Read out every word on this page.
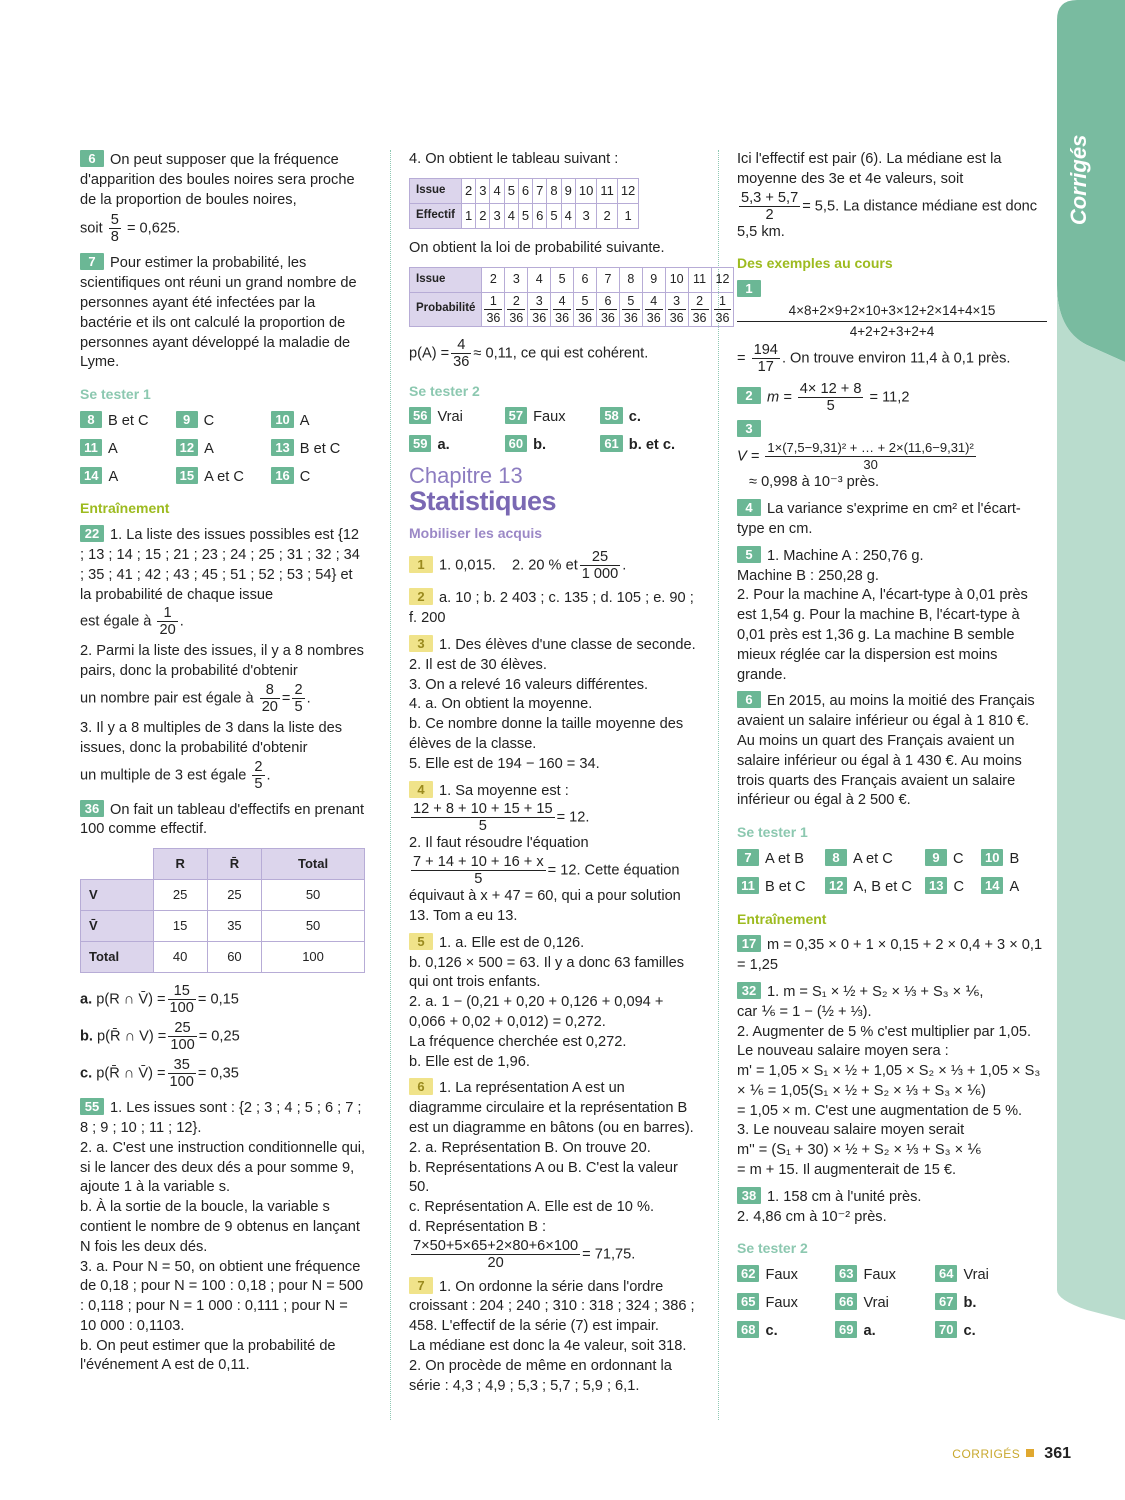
Corrigés

6 On peut supposer que la fréquence d'apparition des boules noires sera proche de la proportion de boules noires,

soit $\frac{5}{8} = 0,625$.

7 Pour estimer la probabilité, les scientifiques ont réuni un grand nombre de personnes ayant été infectées par la bactérie et ils ont calculé la proportion de personnes ayant développé la maladie de Lyme.

Se tester 1
8 B et C	9 C	10 A
11 A	12 A	13 B et C
14 A	15 A et C	16 C
Entraînement

22 1. La liste des issues possibles est {12 ; 13 ; 14 ; 15 ; 21 ; 23 ; 24 ; 25 ; 31 ; 32 ; 34 ; 35 ; 41 ; 42 ; 43 ; 45 ; 51 ; 52 ; 53 ; 54} et la probabilité de chaque issue

est égale à $\frac{1}{20}$ .

2. Parmi la liste des issues, il y a 8 nombres pairs, donc la probabilité d'obtenir

un nombre pair est égale à $\frac{8}{20} = \frac{2}{5}$ .

3. Il y a 8 multiples de 3 dans la liste des issues, donc la probabilité d'obtenir

un multiple de 3 est égale $\frac{2}{5}$ .

36 On fait un tableau d'effectifs en prenant 100 comme effectif.

	R	R̄	Total
V	25	25	50
V̄	15	35	50
Total	40	60	100

a. p(R ∩ V̄) = $\frac{15}{100} = 0,15$

b. p(R̄ ∩ $V) = \frac{25}{100} = 0,25$

c. p(R̄ ∩ V̄) = $\frac{35}{100} = 0,35$

55 1. Les issues sont : {2 ; 3 ; 4 ; 5 ; 6 ; 7 ; 8 ; 9 ; 10 ; 11 ; 12}.

2. a. C'est une instruction conditionnelle qui, si le lancer des deux dés a pour somme 9, ajoute 1 à la variable s.

b. À la sortie de la boucle, la variable s contient le nombre de 9 obtenus en lançant N fois les deux dés.

3. a. Pour N = 50, on obtient une fréquence de 0,18 ; pour N = 100 : 0,18 ; pour N = 500 : 0,118 ; pour N = 1 000 : 0,111 ; pour N = 10 000 : 0,1103.

b. On peut estimer que la probabilité de l'événement A est de 0,11.

4. On obtient le tableau suivant :

Issue	2	3	4	5	6	7	8	9	10	11	12
Effectif	1	2	3	4	5	6	5	4	3	2	1

On obtient la loi de probabilité suivante.

Issue	2	3	4	5	6	7	8	9	10	11	12
Probabilité	$\frac{1}{36}$	$\frac{2}{36}$	$\frac{3}{36}$	$\frac{4}{36}$	$\frac{5}{36}$	$\frac{6}{36}$	$\frac{5}{36}$	$\frac{4}{36}$	$\frac{3}{36}$	$\frac{2}{36}$	$\frac{1}{36}$

$p(A) = \frac{4}{36} \approx 0,11$, ce qui est cohérent.

Se tester 2
56 Vrai	57 Faux	58 c.
59 a.	60 b.	61 b. et c.
Chapitre 13
Statistiques
Mobiliser les acquis

1 1. 0,015. 2. 20 % et $\frac{25}{1 000}$ .

2 a. 10 ; b. 2 403 ; c. 135 ; d. 105 ; e. 90 ; f. 200

3 1. Des élèves d'une classe de seconde.

2. Il est de 30 élèves.

3. On a relevé 16 valeurs différentes.

4. a. On obtient la moyenne.

b. Ce nombre donne la taille moyenne des élèves de la classe.

5. Elle est de 194 − 160 = 34.

4 1. Sa moyenne est :

$\frac{12 + 8 + 10 + 15 + 15}{5} = 12$.

2. Il faut résoudre l'équation

$\frac{7 + 14 + 10 + 16 + x}{5} = 12$. Cette équation

équivaut à x + 47 = 60, qui a pour solution 13. Tom a eu 13.

5 1. a. Elle est de 0,126.

b. 0,126 × 500 = 63. Il y a donc 63 familles qui ont trois enfants.

2. a. 1 − (0,21 + 0,20 + 0,126 + 0,094 + 0,066 + 0,02 + 0,012) = 0,272.

La fréquence cherchée est 0,272.

b. Elle est de 1,96.

6 1. La représentation A est un diagramme circulaire et la représentation B est un diagramme en bâtons (ou en barres).

2. a. Représentation B. On trouve 20.

b. Représentations A ou B. C'est la valeur 50.

c. Représentation A. Elle est de 10 %.

d. Représentation B :

$\frac{7\times 50+5\times 65+2\times 80+6\times 100}{20} = 71,75$.

7 1. On ordonne la série dans l'ordre croissant : 204 ; 240 ; 310 : 318 ; 324 ; 386 ; 458. L'effectif de la série (7) est impair.

La médiane est donc la 4e valeur, soit 318.

2. On procède de même en ordonnant la série : 4,3 ; 4,9 ; 5,3 ; 5,7 ; 5,9 ; 6,1.

Ici l'effectif est pair (6). La médiane est la moyenne des 3e et 4e valeurs, soit

$\frac{5,3 + 5,7}{2} = 5,5$. La distance médiane est donc 5,5 km.

Des exemples au cours

1

4×8+2×9+2×10+3×12+2×14+4×15
4+2+2+3+2+4

= $\frac{194}{17}$ . On trouve environ 11,4 à 0,1 près.

2 $m = \frac{4\times 12 + 8}{5} = 11,2$

3

$V = \frac{\text{1×(7,5−9,31)² + … + 2×(11,6−9,31)²}}{30}$

≈ 0,998 à 10⁻³ près.

4 La variance s'exprime en cm² et l'écart-type en cm.

5 1. Machine A : 250,76 g.

Machine B : 250,28 g.

2. Pour la machine A, l'écart-type à 0,01 près est 1,54 g. Pour la machine B, l'écart-type à 0,01 près est 1,36 g. La machine B semble mieux réglée car la dispersion est moins grande.

6 En 2015, au moins la moitié des Français avaient un salaire inférieur ou égal à 1 810 €. Au moins un quart des Français avaient un salaire inférieur ou égal à 1 430 €. Au moins trois quarts des Français avaient un salaire inférieur ou égal à 2 500 €.

Se tester 1
7 A et B	8 A et C	9 C	10 B
11 B et C	12 A, B et C	13 C	14 A
Entraînement

17 m = 0,35 × 0 + 1 × 0,15 + 2 × 0,4 + 3 × 0,1 = 1,25

32 1. m = S₁ × ½ + S₂ × ⅓ + S₃ × ⅙,

car ⅙ = 1 − (½ + ⅓).

2. Augmenter de 5 % c'est multiplier par 1,05. Le nouveau salaire moyen sera :

m' = 1,05 × S₁ × ½ + 1,05 × S₂ × ⅓ + 1,05 × S₃ × ⅙ = 1,05(S₁ × ½ + S₂ × ⅓ + S₃ × ⅙)

= 1,05 × m. C'est une augmentation de 5 %.

3. Le nouveau salaire moyen serait

m'' = (S₁ + 30) × ½ + S₂ × ⅓ + S₃ × ⅙

= m + 15. Il augmenterait de 15 €.

38 1. 158 cm à l'unité près.

2. 4,86 cm à 10⁻² près.

Se tester 2
62 Faux	63 Faux	64 Vrai
65 Faux	66 Vrai	67 b.
68 c.	69 a.	70 c.
CORRIGÉS 361
